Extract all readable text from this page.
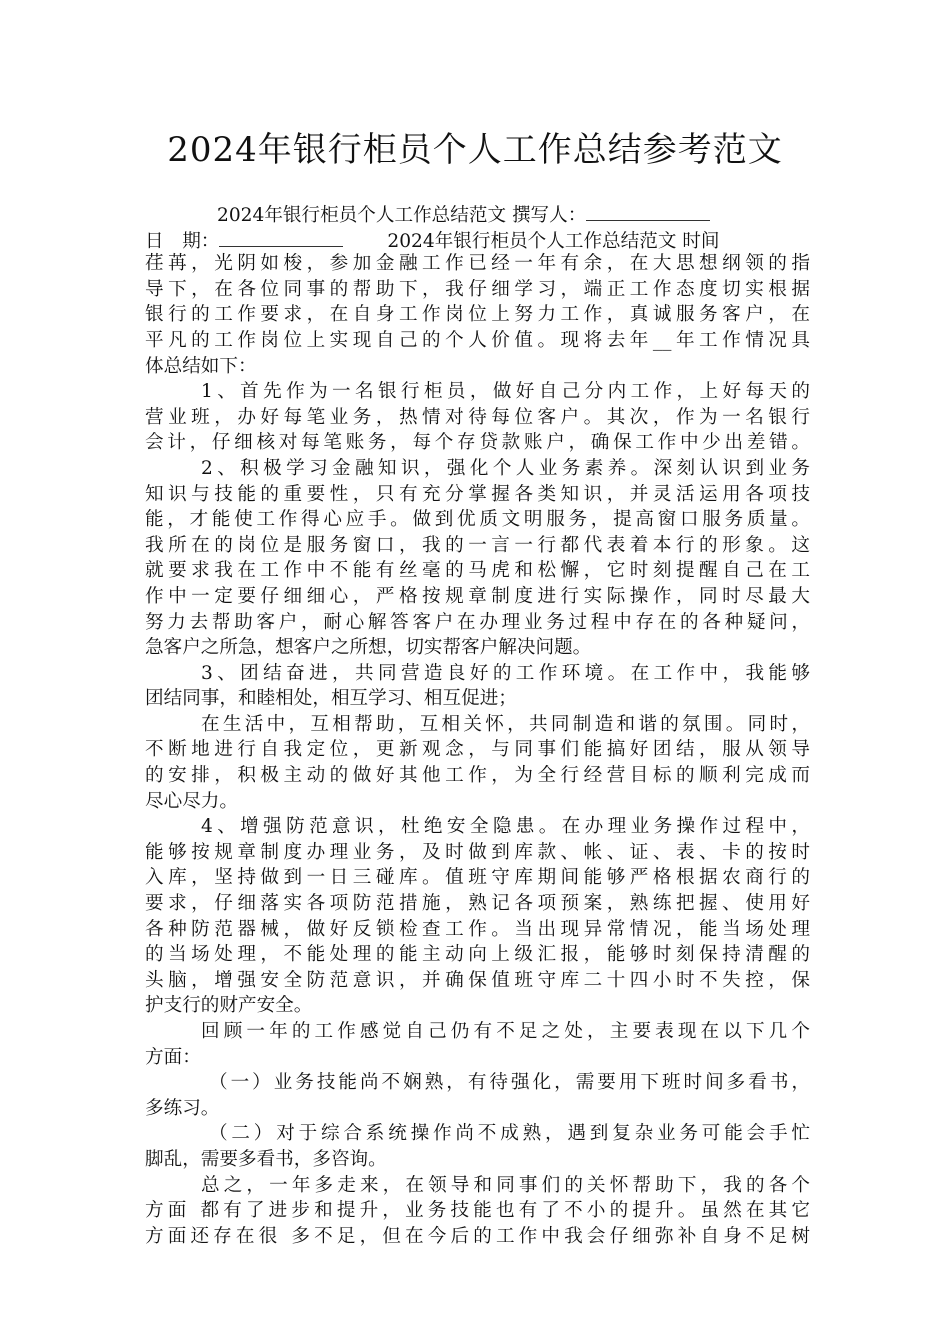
2024年银行柜员个人工作总结参考范文
2024年银行柜员个人工作总结范文 撰写人：
日　期：	2024年银行柜员个人工作总结范文 时间
荏苒，光阴如梭，参加金融工作已经一年有余，在大思想纲领的指
导下，在各位同事的帮助下，我仔细学习，端正工作态度切实根据
银行的工作要求，在自身工作岗位上努力工作，真诚服务客户，在
平凡的工作岗位上实现自己的个人价值。现将去年__年工作情况具
体总结如下：
1、首先作为一名银行柜员，做好自己分内工作，上好每天的
营业班，办好每笔业务，热情对待每位客户。其次，作为一名银行
会计，仔细核对每笔账务，每个存贷款账户，确保工作中少出差错。
2、积极学习金融知识，强化个人业务素养。深刻认识到业务
知识与技能的重要性，只有充分掌握各类知识，并灵活运用各项技
能，才能使工作得心应手。做到优质文明服务，提高窗口服务质量。
我所在的岗位是服务窗口，我的一言一行都代表着本行的形象。这
就要求我在工作中不能有丝毫的马虎和松懈，它时刻提醒自己在工
作中一定要仔细细心，严格按规章制度进行实际操作，同时尽最大
努力去帮助客户，耐心解答客户在办理业务过程中存在的各种疑问，
急客户之所急，想客户之所想，切实帮客户解决问题。
3、团结奋进，共同营造良好的工作环境。在工作中，我能够
团结同事，和睦相处，相互学习、相互促进；
在生活中，互相帮助，互相关怀，共同制造和谐的氛围。同时，
不断地进行自我定位，更新观念，与同事们能搞好团结，服从领导
的安排，积极主动的做好其他工作，为全行经营目标的顺利完成而
尽心尽力。
4、增强防范意识，杜绝安全隐患。在办理业务操作过程中，
能够按规章制度办理业务，及时做到库款、帐、证、表、卡的按时
入库，坚持做到一日三碰库。值班守库期间能够严格根据农商行的
要求，仔细落实各项防范措施，熟记各项预案，熟练把握、使用好
各种防范器械，做好反锁检查工作。当出现异常情况，能当场处理
的当场处理，不能处理的能主动向上级汇报，能够时刻保持清醒的
头脑，增强安全防范意识，并确保值班守库二十四小时不失控，保
护支行的财产安全。
回顾一年的工作感觉自己仍有不足之处，主要表现在以下几个
方面：
（一）业务技能尚不娴熟，有待强化，需要用下班时间多看书，
多练习。
（二）对于综合系统操作尚不成熟，遇到复杂业务可能会手忙
脚乱，需要多看书，多咨询。
总之，一年多走来，在领导和同事们的关怀帮助下，我的各个
方面 都有了进步和提升，业务技能也有了不小的提升。虽然在其它
方面还存在很 多不足，但在今后的工作中我会仔细弥补自身不足树
